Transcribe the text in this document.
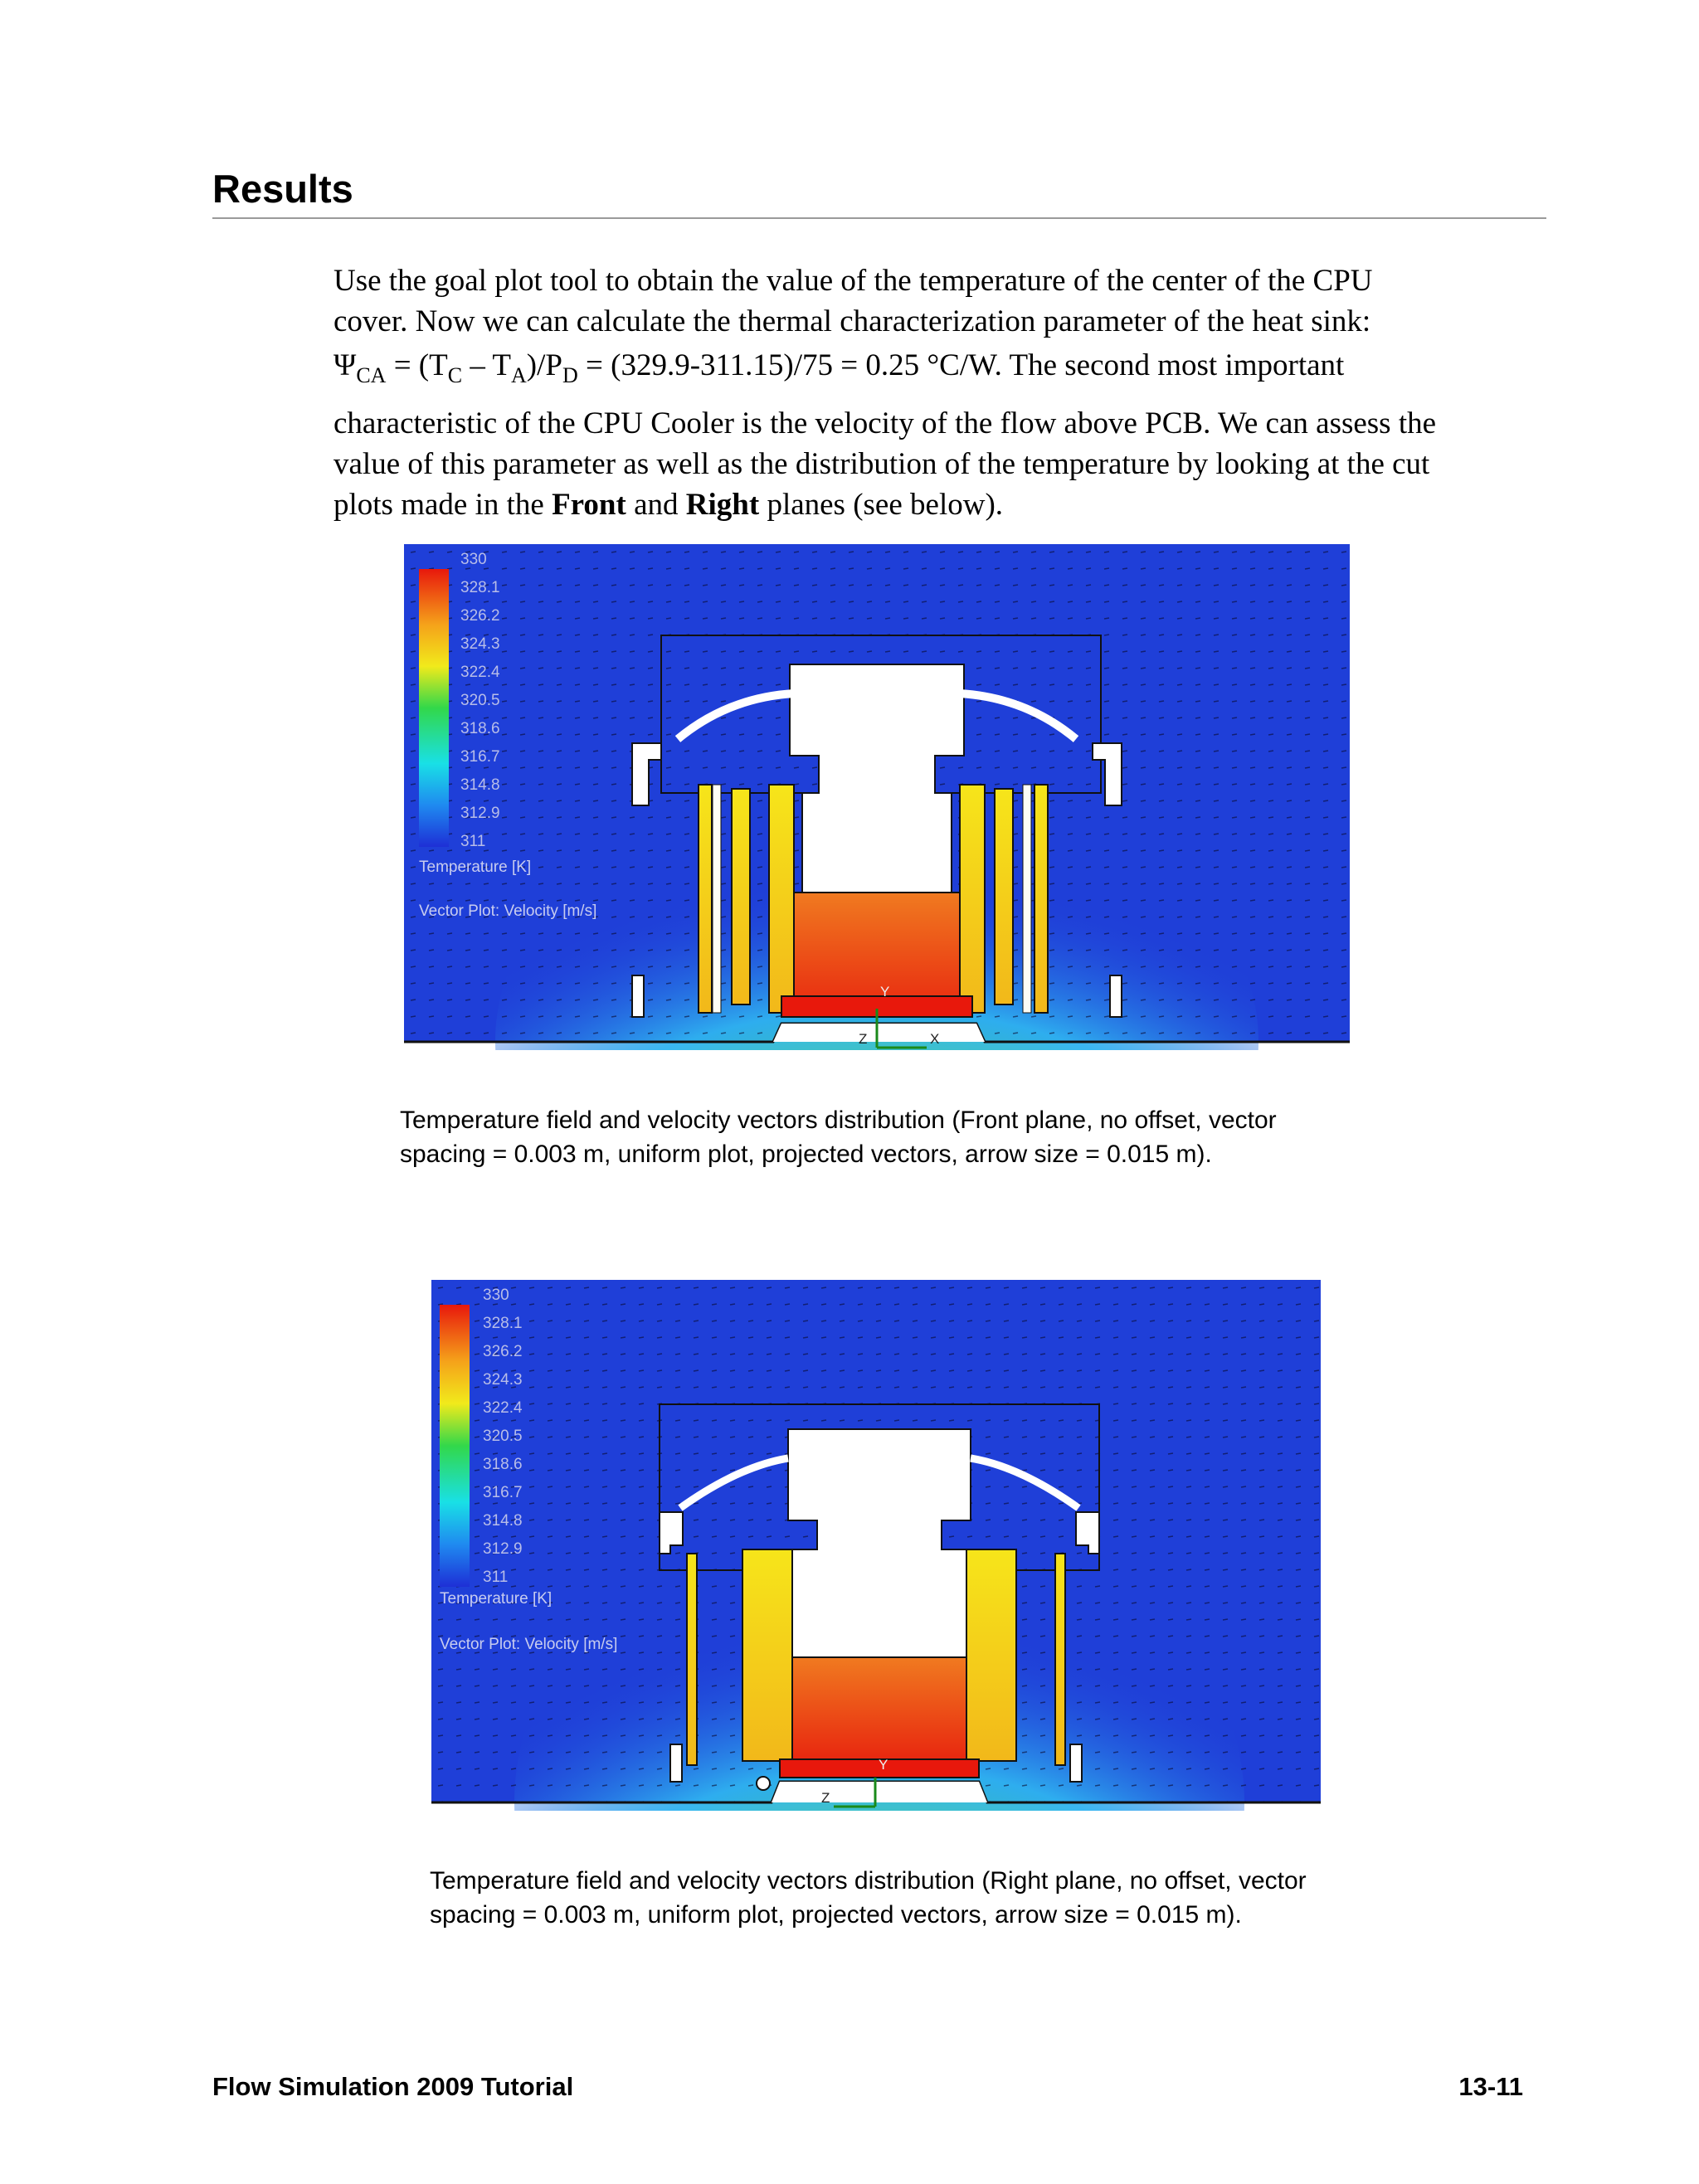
Results
Use the goal plot tool to obtain the value of the temperature of the center of the CPU
cover. Now we can calculate the thermal characterization parameter of the heat sink:
$\Psi_{CA} = (T_C - T_A)/P_D = (329.9-311.15)/75 = 0.25$ °C/W. The second most important
characteristic of the CPU Cooler is the velocity of the flow above PCB. We can assess the
value of this parameter as well as the distribution of the temperature by looking at the cut
plots made in the Front and Right planes (see below).
330
328.1
326.2
324.3
322.4
320.5
318.6
316.7
314.8
312.9
311
Temperature [K]
Vector Plot: Velocity [m/s]
Y
X
Z
Temperature field and velocity vectors distribution (Front plane, no offset, vector
spacing = 0.003 m, uniform plot, projected vectors, arrow size = 0.015 m).
330
328.1
326.2
324.3
322.4
320.5
318.6
316.7
314.8
312.9
311
Temperature [K]
Vector Plot: Velocity [m/s]
Y
Z
Temperature field and velocity vectors distribution (Right plane, no offset, vector
spacing = 0.003 m, uniform plot, projected vectors, arrow size = 0.015 m).
Flow Simulation 2009 Tutorial	13-11
